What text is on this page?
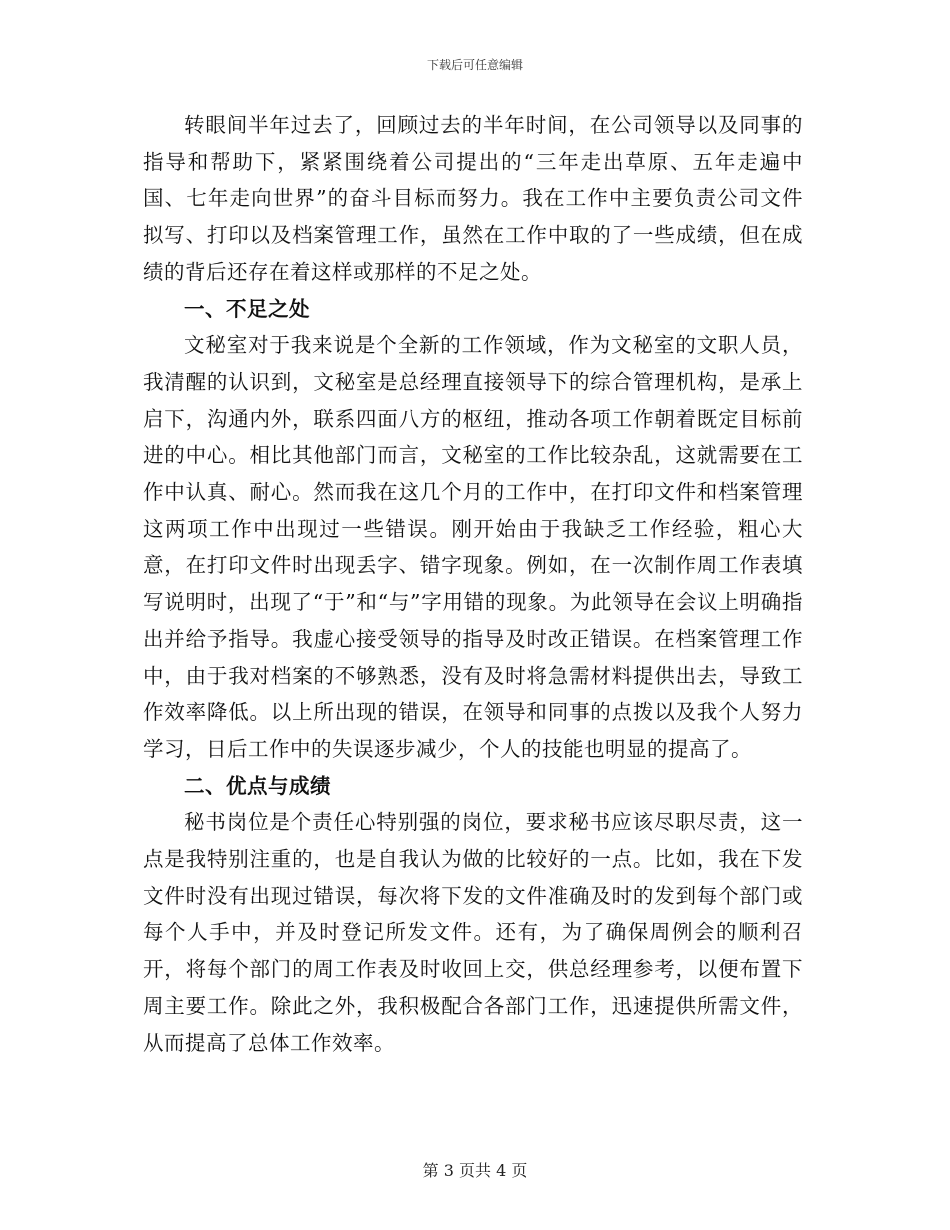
下载后可任意编辑

转眼间半年过去了，回顾过去的半年时间，在公司领导以及同事的指导和帮助下，紧紧围绕着公司提出的“三年走出草原、五年走遍中国、七年走向世界”的奋斗目标而努力。我在工作中主要负责公司文件拟写、打印以及档案管理工作，虽然在工作中取的了一些成绩，但在成绩的背后还存在着这样或那样的不足之处。

一、不足之处

文秘室对于我来说是个全新的工作领域，作为文秘室的文职人员，我清醒的认识到，文秘室是总经理直接领导下的综合管理机构，是承上启下，沟通内外，联系四面八方的枢纽，推动各项工作朝着既定目标前进的中心。相比其他部门而言，文秘室的工作比较杂乱，这就需要在工作中认真、耐心。然而我在这几个月的工作中，在打印文件和档案管理这两项工作中出现过一些错误。刚开始由于我缺乏工作经验，粗心大意，在打印文件时出现丢字、错字现象。例如，在一次制作周工作表填写说明时，出现了“于”和“与”字用错的现象。为此领导在会议上明确指出并给予指导。我虚心接受领导的指导及时改正错误。在档案管理工作中，由于我对档案的不够熟悉，没有及时将急需材料提供出去，导致工作效率降低。以上所出现的错误，在领导和同事的点拨以及我个人努力学习，日后工作中的失误逐步减少，个人的技能也明显的提高了。

二、优点与成绩

秘书岗位是个责任心特别强的岗位，要求秘书应该尽职尽责，这一点是我特别注重的，也是自我认为做的比较好的一点。比如，我在下发文件时没有出现过错误，每次将下发的文件准确及时的发到每个部门或每个人手中，并及时登记所发文件。还有，为了确保周例会的顺利召开，将每个部门的周工作表及时收回上交，供总经理参考，以便布置下周主要工作。除此之外，我积极配合各部门工作，迅速提供所需文件，从而提高了总体工作效率。

第 3 页共 4 页
